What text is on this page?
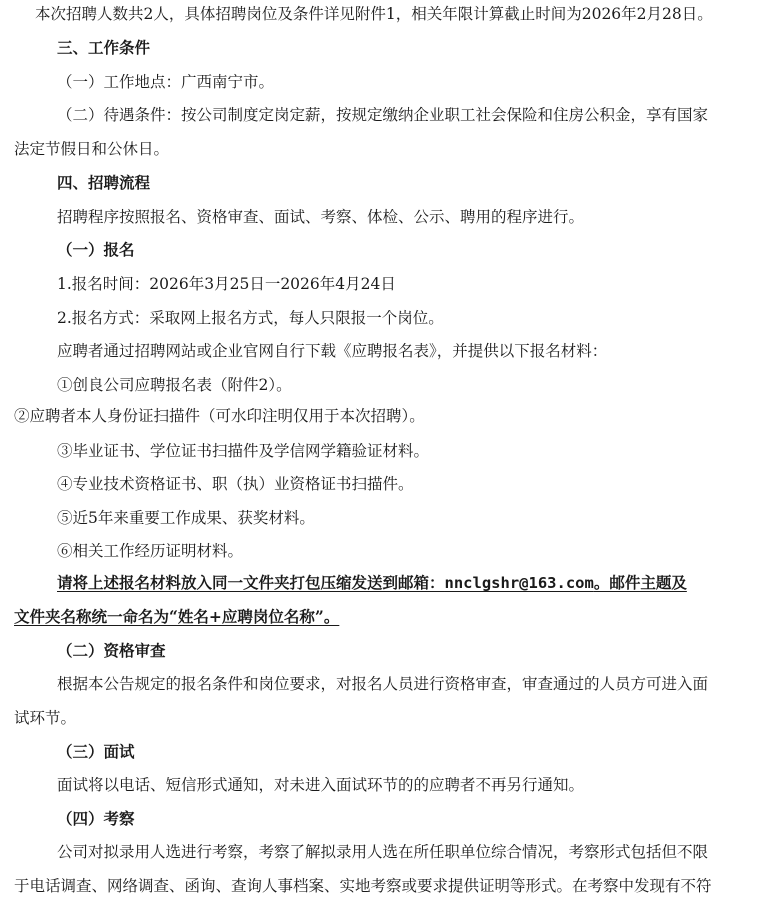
本次招聘人数共2人，具体招聘岗位及条件详见附件1，相关年限计算截止时间为2026年2月28日。
三、工作条件
（一）工作地点：广西南宁市。
（二）待遇条件：按公司制度定岗定薪，按规定缴纳企业职工社会保险和住房公积金，享有国家
法定节假日和公休日。
四、招聘流程
招聘程序按照报名、资格审查、面试、考察、体检、公示、聘用的程序进行。
（一）报名
1.报名时间：2026年3月25日一2026年4月24日
2.报名方式：采取网上报名方式，每人只限报一个岗位。
应聘者通过招聘网站或企业官网自行下载《应聘报名表》，并提供以下报名材料：
①创良公司应聘报名表（附件2）。
②应聘者本人身份证扫描件（可水印注明仅用于本次招聘）。
③毕业证书、学位证书扫描件及学信网学籍验证材料。
④专业技术资格证书、职（执）业资格证书扫描件。
⑤近5年来重要工作成果、获奖材料。
⑥相关工作经历证明材料。
请将上述报名材料放入同一文件夹打包压缩发送到邮箱：nnclgshr@163.com。邮件主题及
文件夹名称统一命名为“姓名+应聘岗位名称”。
（二）资格审查
根据本公告规定的报名条件和岗位要求，对报名人员进行资格审查，审查通过的人员方可进入面
试环节。
（三）面试
面试将以电话、短信形式通知，对未进入面试环节的的应聘者不再另行通知。
（四）考察
公司对拟录用人选进行考察，考察了解拟录用人选在所任职单位综合情况，考察形式包括但不限
于电话调查、网络调查、函询、查询人事档案、实地考察或要求提供证明等形式。在考察中发现有不符
